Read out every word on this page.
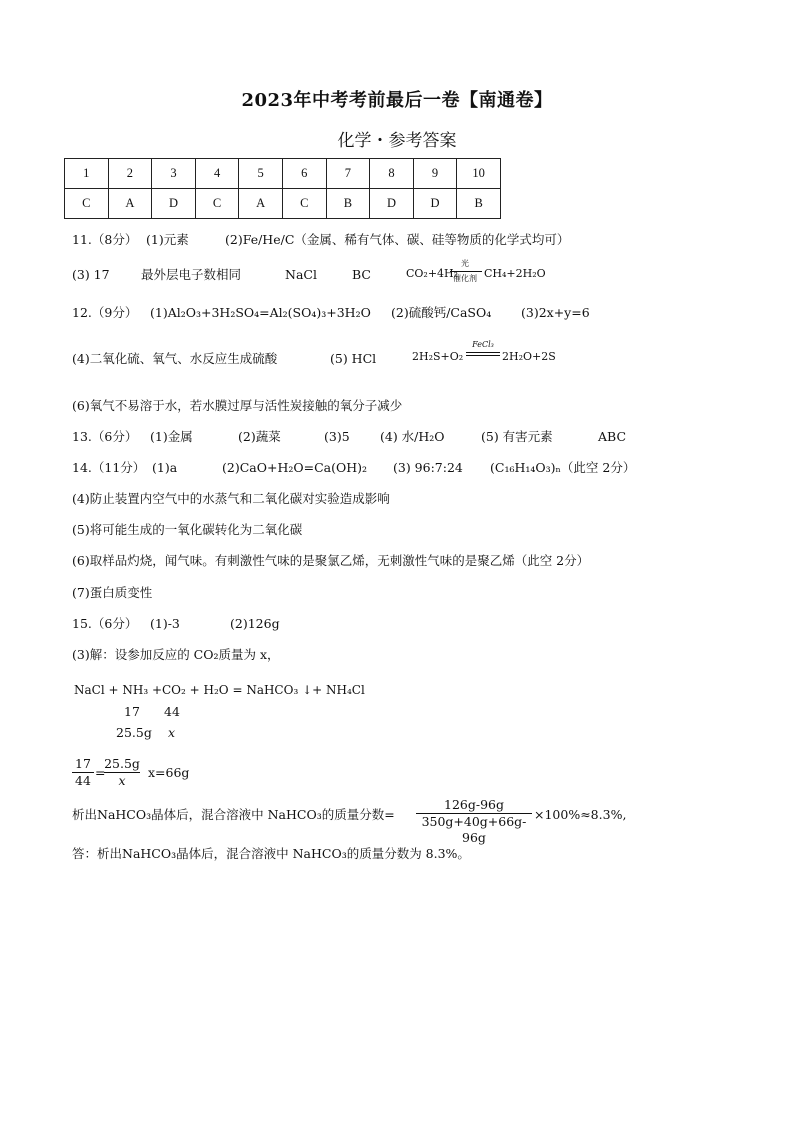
2023年中考考前最后一卷【南通卷】
化学・参考答案
1	2	3	4	5	6	7	8	9	10
C	A	D	C	A	C	B	D	D	B
11.（8分） (1)元素	(2)Fe/He/C（金属、稀有气体、碳、硅等物质的化学式均可）
(3) 17	最外层电子数相同	NaCl	BC	CO₂+4H₂
光
催化剂 CH₄+2H₂O
12.（9分） (1)Al₂O₃+3H₂SO₄=Al₂(SO₄)₃+3H₂O (2)硫酸钙/CaSO₄ (3)2x+y=6
(4)二氧化硫、氧气、水反应生成硫酸	(5) HCl	2H₂S+O₂
FeCl₃
2H₂O+2S
(6)氧气不易溶于水，若水膜过厚与活性炭接触的氧分子减少
13.（6分） (1)金属	(2)蔬菜	(3)5 (4) 水/H₂O	(5) 有害元素	ABC
14.（11分） (1)a	(2)CaO+H₂O=Ca(OH)₂ (3) 96:7:24 (C₁₆H₁₄O₃)ₙ（此空 2分）
(4)防止装置内空气中的水蒸气和二氧化碳对实验造成影响
(5)将可能生成的一氧化碳转化为二氧化碳
(6)取样品灼烧，闻气味。有刺激性气味的是聚氯乙烯，无刺激性气味的是聚乙烯（此空 2分）
(7)蛋白质变性
15.（6分） (1)-3	(2)126g
(3)解：设参加反应的 CO₂质量为 x，
NaCl + NH₃ +CO₂ + H₂O = NaHCO₃ ↓+ NH₄Cl
17 44
25.5g x
17
44
=
25.5g
x
x=66g
析出NaHCO₃晶体后，混合溶液中 NaHCO₃的质量分数=
126g-96g
350g+40g+66g-96g
×100%≈8.3%,
答：析出NaHCO₃晶体后，混合溶液中 NaHCO₃的质量分数为 8.3%。
